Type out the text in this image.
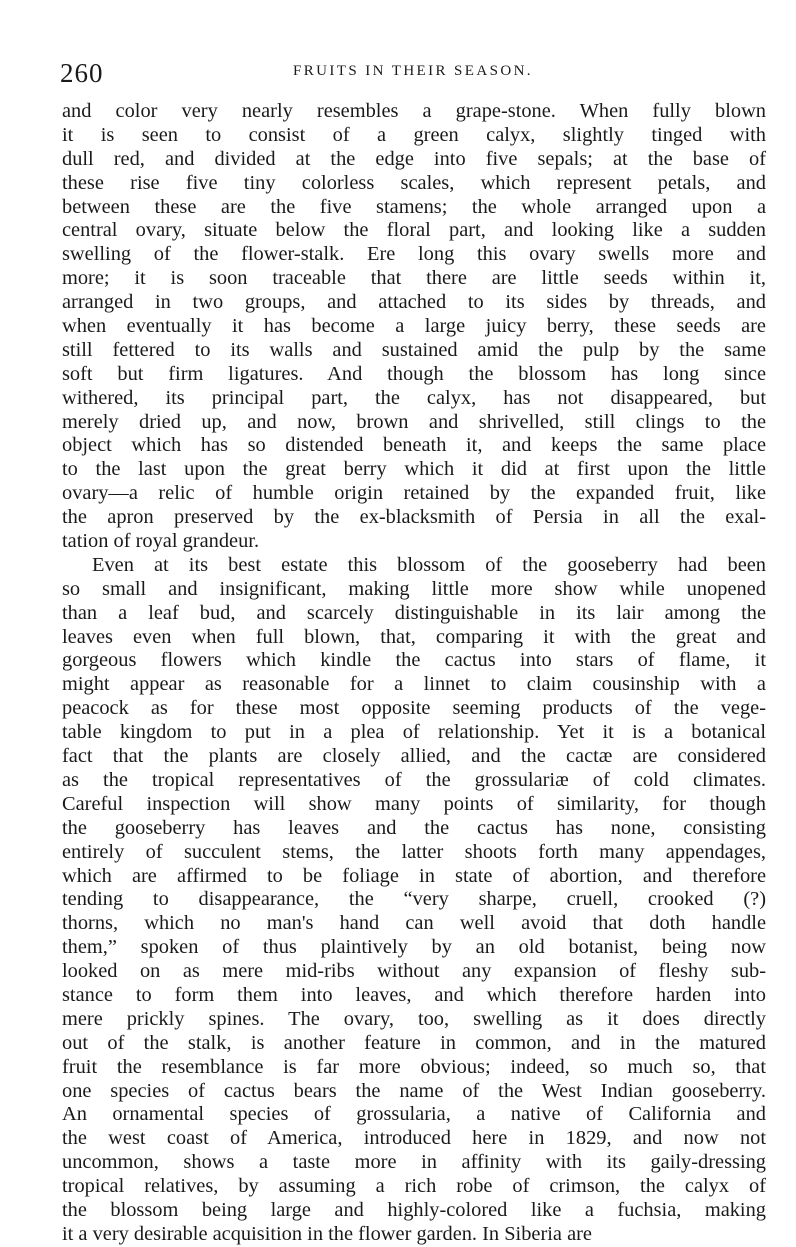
260	FRUITS IN THEIR SEASON.
and color very nearly resembles a grape-stone. When fully blown
it is seen to consist of a green calyx, slightly tinged with
dull red, and divided at the edge into five sepals; at the base of
these rise five tiny colorless scales, which represent petals, and
between these are the five stamens; the whole arranged upon a
central ovary, situate below the floral part, and looking like a sudden
swelling of the flower-stalk. Ere long this ovary swells more and
more; it is soon traceable that there are little seeds within it,
arranged in two groups, and attached to its sides by threads, and
when eventually it has become a large juicy berry, these seeds are
still fettered to its walls and sustained amid the pulp by the same
soft but firm ligatures. And though the blossom has long since
withered, its principal part, the calyx, has not disappeared, but
merely dried up, and now, brown and shrivelled, still clings to the
object which has so distended beneath it, and keeps the same place
to the last upon the great berry which it did at first upon the little
ovary—a relic of humble origin retained by the expanded fruit, like
the apron preserved by the ex-blacksmith of Persia in all the exal-
tation of royal grandeur.
Even at its best estate this blossom of the gooseberry had been
so small and insignificant, making little more show while unopened
than a leaf bud, and scarcely distinguishable in its lair among the
leaves even when full blown, that, comparing it with the great and
gorgeous flowers which kindle the cactus into stars of flame, it
might appear as reasonable for a linnet to claim cousinship with a
peacock as for these most opposite seeming products of the vege-
table kingdom to put in a plea of relationship. Yet it is a botanical
fact that the plants are closely allied, and the cactæ are considered
as the tropical representatives of the grossulariæ of cold climates.
Careful inspection will show many points of similarity, for though
the gooseberry has leaves and the cactus has none, consisting
entirely of succulent stems, the latter shoots forth many appendages,
which are affirmed to be foliage in state of abortion, and therefore
tending to disappearance, the “very sharpe, cruell, crooked (?)
thorns, which no man's hand can well avoid that doth handle
them,” spoken of thus plaintively by an old botanist, being now
looked on as mere mid-ribs without any expansion of fleshy sub-
stance to form them into leaves, and which therefore harden into
mere prickly spines. The ovary, too, swelling as it does directly
out of the stalk, is another feature in common, and in the matured
fruit the resemblance is far more obvious; indeed, so much so, that
one species of cactus bears the name of the West Indian gooseberry.
An ornamental species of grossularia, a native of California and
the west coast of America, introduced here in 1829, and now not
uncommon, shows a taste more in affinity with its gaily-dressing
tropical relatives, by assuming a rich robe of crimson, the calyx of
the blossom being large and highly-colored like a fuchsia, making
it a very desirable acquisition in the flower garden. In Siberia are
